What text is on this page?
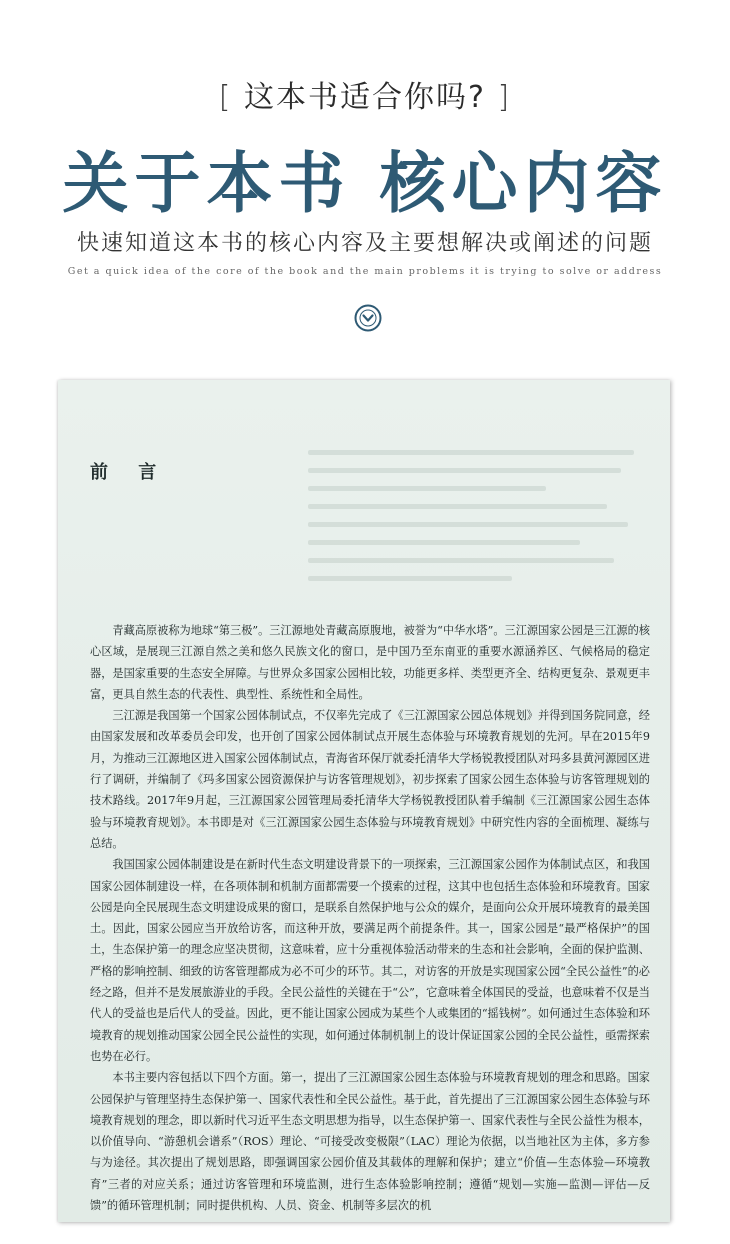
[ 这本书适合你吗? ]
关于本书 核心内容
快速知道这本书的核心内容及主要想解决或阐述的问题
Get a quick idea of the core of the book and the main problems it is trying to solve or address
前 言

青藏高原被称为地球“第三极”。三江源地处青藏高原腹地，被誉为“中华水塔”。三江源国家公园是三江源的核心区域，是展现三江源自然之美和悠久民族文化的窗口，是中国乃至东南亚的重要水源涵养区、气候格局的稳定器，是国家重要的生态安全屏障。与世界众多国家公园相比较，功能更多样、类型更齐全、结构更复杂、景观更丰富，更具自然生态的代表性、典型性、系统性和全局性。

三江源是我国第一个国家公园体制试点，不仅率先完成了《三江源国家公园总体规划》并得到国务院同意，经由国家发展和改革委员会印发，也开创了国家公园体制试点开展生态体验与环境教育规划的先河。早在2015年9月，为推动三江源地区进入国家公园体制试点，青海省环保厅就委托清华大学杨锐教授团队对玛多县黄河源园区进行了调研，并编制了《玛多国家公园资源保护与访客管理规划》，初步探索了国家公园生态体验与访客管理规划的技术路线。2017年9月起，三江源国家公园管理局委托清华大学杨锐教授团队着手编制《三江源国家公园生态体验与环境教育规划》。本书即是对《三江源国家公园生态体验与环境教育规划》中研究性内容的全面梳理、凝练与总结。

我国国家公园体制建设是在新时代生态文明建设背景下的一项探索，三江源国家公园作为体制试点区，和我国国家公园体制建设一样，在各项体制和机制方面都需要一个摸索的过程，这其中也包括生态体验和环境教育。国家公园是向全民展现生态文明建设成果的窗口，是联系自然保护地与公众的媒介，是面向公众开展环境教育的最美国土。因此，国家公园应当开放给访客，而这种开放，要满足两个前提条件。其一，国家公园是“最严格保护”的国土，生态保护第一的理念应坚决贯彻，这意味着，应十分重视体验活动带来的生态和社会影响，全面的保护监测、严格的影响控制、细致的访客管理都成为必不可少的环节。其二，对访客的开放是实现国家公园“全民公益性”的必经之路，但并不是发展旅游业的手段。全民公益性的关键在于“公”，它意味着全体国民的受益，也意味着不仅是当代人的受益也是后代人的受益。因此，更不能让国家公园成为某些个人或集团的“摇钱树”。如何通过生态体验和环境教育的规划推动国家公园全民公益性的实现，如何通过体制机制上的设计保证国家公园的全民公益性，亟需探索也势在必行。

本书主要内容包括以下四个方面。第一，提出了三江源国家公园生态体验与环境教育规划的理念和思路。国家公园保护与管理坚持生态保护第一、国家代表性和全民公益性。基于此，首先提出了三江源国家公园生态体验与环境教育规划的理念，即以新时代习近平生态文明思想为指导，以生态保护第一、国家代表性与全民公益性为根本，以价值导向、“游憩机会谱系”（ROS）理论、“可接受改变极限”（LAC）理论为依据，以当地社区为主体，多方参与为途径。其次提出了规划思路，即强调国家公园价值及其载体的理解和保护；建立“价值—生态体验—环境教育”三者的对应关系；通过访客管理和环境监测，进行生态体验影响控制；遵循“规划—实施—监测—评估—反馈”的循环管理机制；同时提供机构、人员、资金、机制等多层次的机
